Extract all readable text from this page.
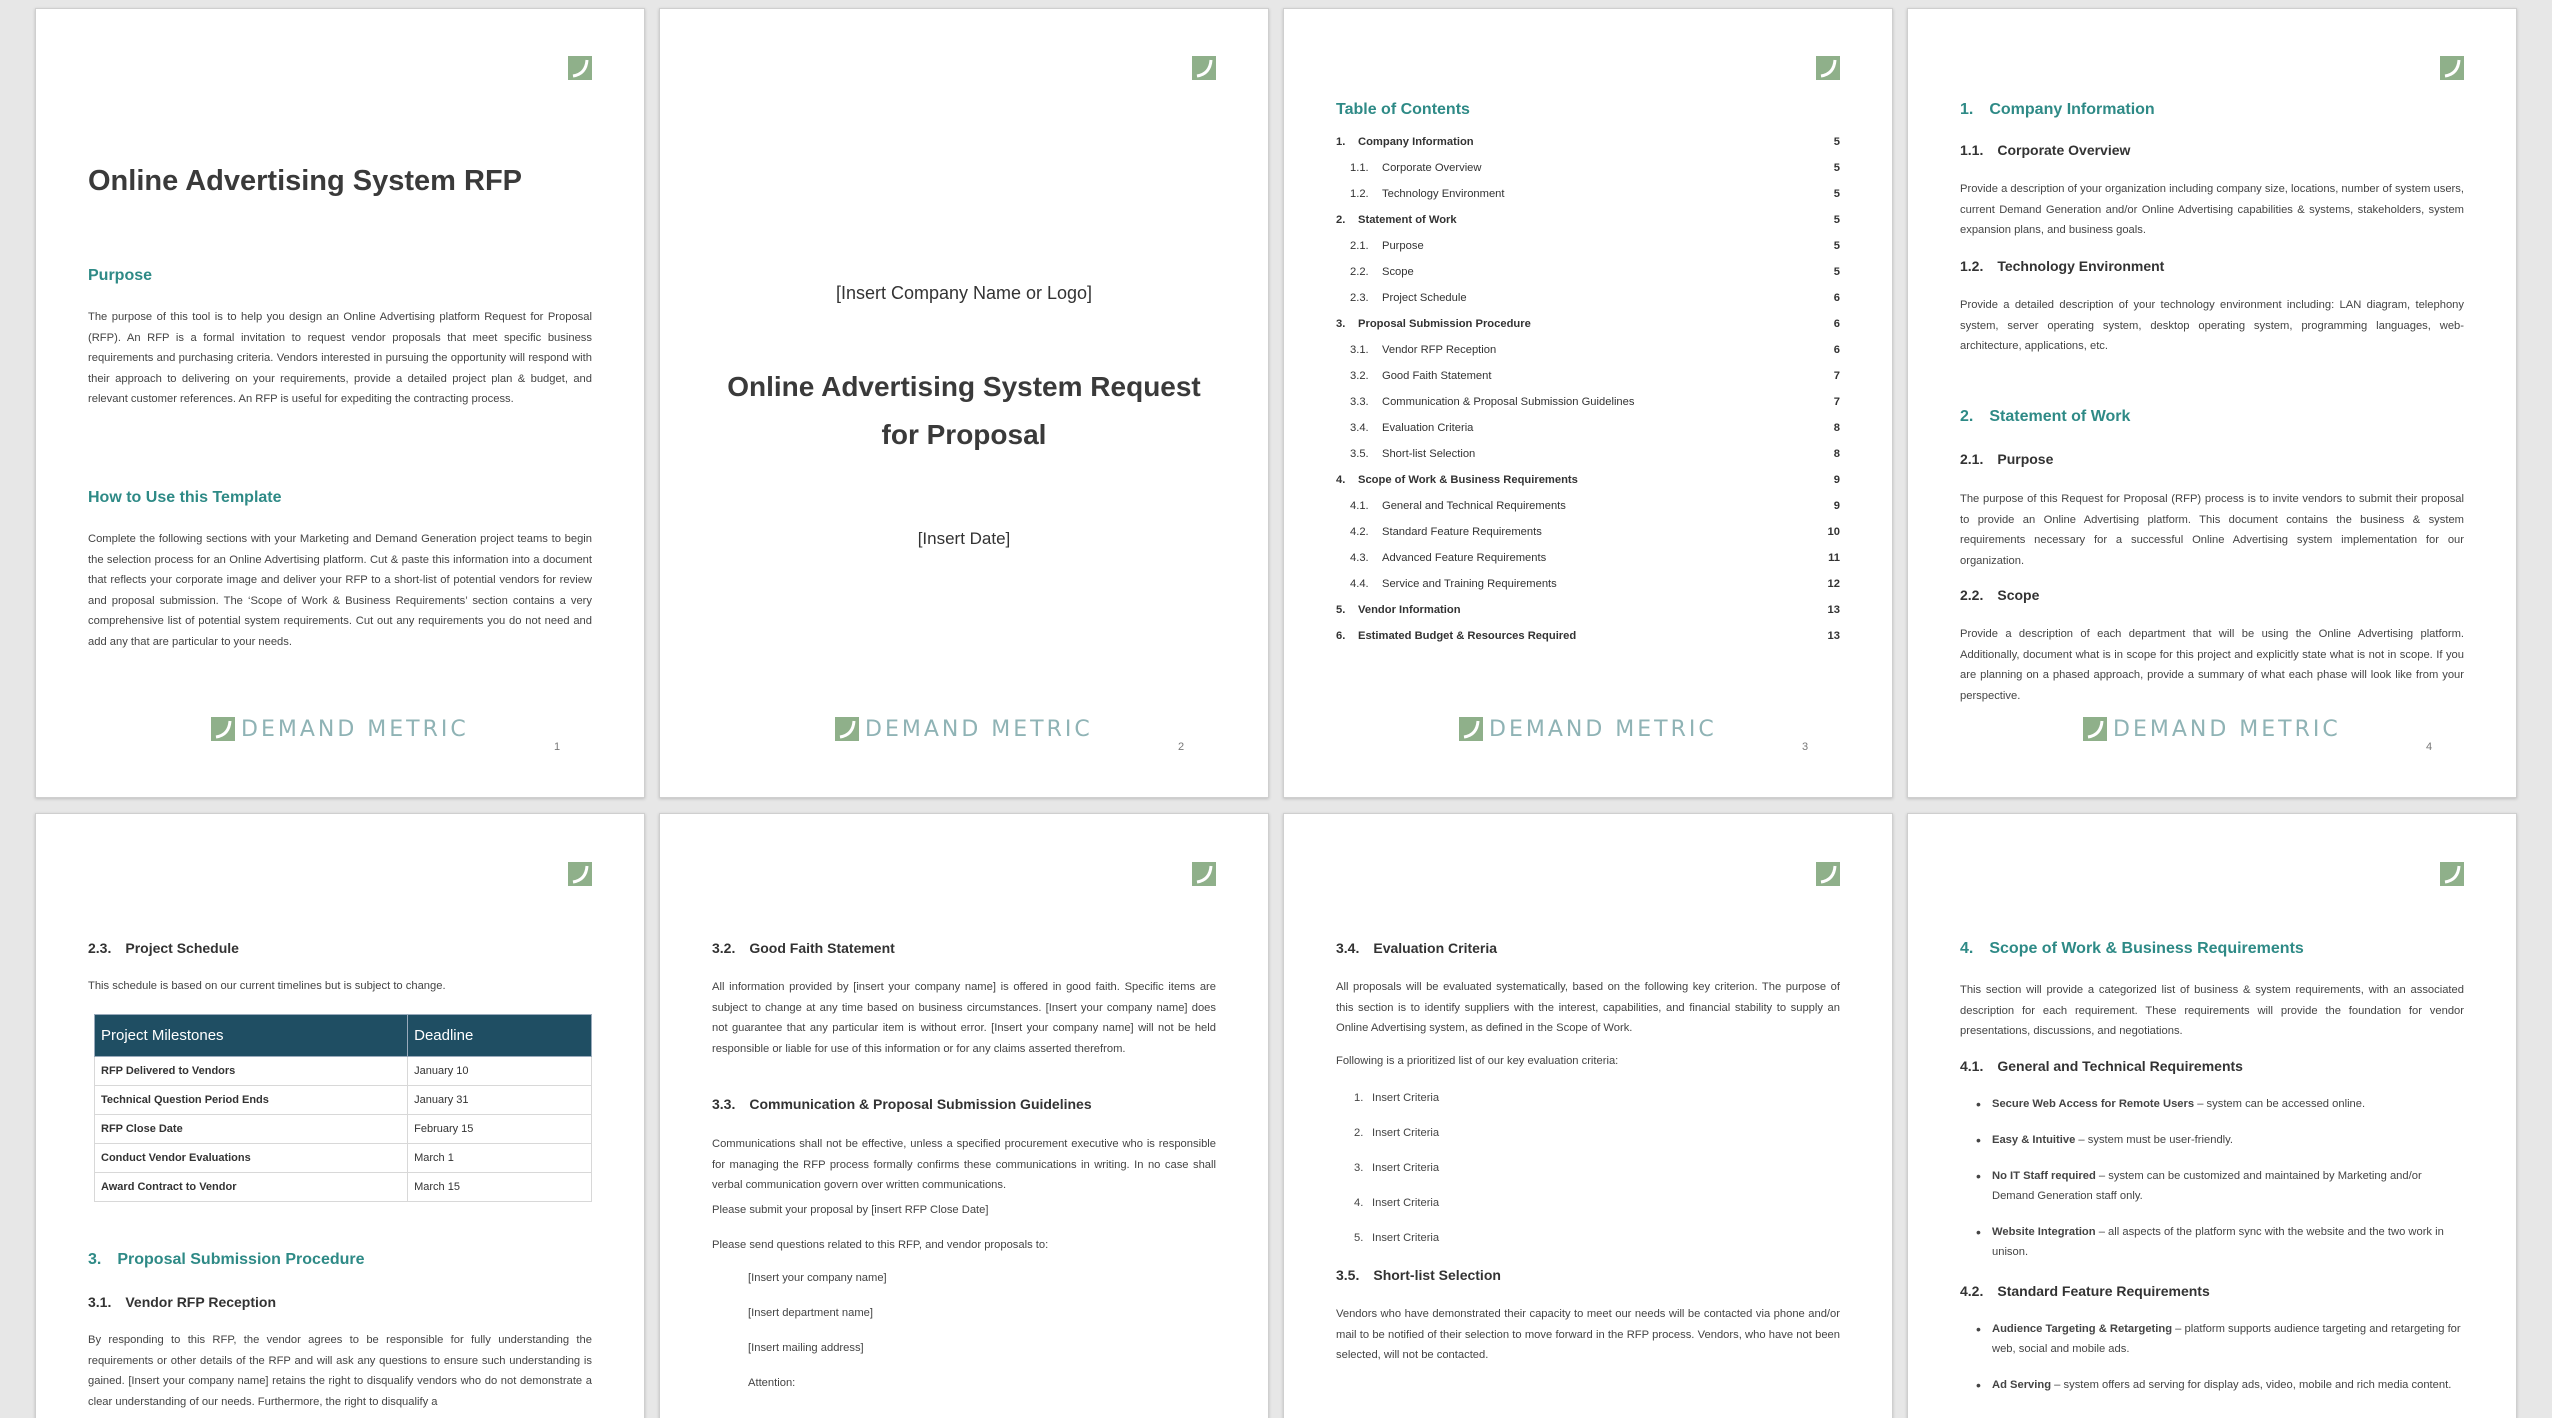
Online Advertising System RFP
Purpose
The purpose of this tool is to help you design an Online Advertising platform Request for Proposal (RFP). An RFP is a formal invitation to request vendor proposals that meet specific business requirements and purchasing criteria. Vendors interested in pursuing the opportunity will respond with their approach to delivering on your requirements, provide a detailed project plan & budget, and relevant customer references. An RFP is useful for expediting the contracting process.
How to Use this Template
Complete the following sections with your Marketing and Demand Generation project teams to begin the selection process for an Online Advertising platform. Cut & paste this information into a document that reflects your corporate image and deliver your RFP to a short-list of potential vendors for review and proposal submission. The ‘Scope of Work & Business Requirements’ section contains a very comprehensive list of potential system requirements. Cut out any requirements you do not need and add any that are particular to your needs.
DEMAND METRIC
1
[Insert Company Name or Logo]
Online Advertising System Request
for Proposal
[Insert Date]
DEMAND METRIC
2
Table of Contents
1. Company Information	5
1.1. Corporate Overview	5
1.2. Technology Environment	5
2. Statement of Work	5
2.1. Purpose	5
2.2. Scope	5
2.3. Project Schedule	6
3. Proposal Submission Procedure	6
3.1. Vendor RFP Reception	6
3.2. Good Faith Statement	7
3.3. Communication & Proposal Submission Guidelines	7
3.4. Evaluation Criteria	8
3.5. Short-list Selection	8
4. Scope of Work & Business Requirements	9
4.1. General and Technical Requirements	9
4.2. Standard Feature Requirements	10
4.3. Advanced Feature Requirements	11
4.4. Service and Training Requirements	12
5. Vendor Information	13
6. Estimated Budget & Resources Required	13
DEMAND METRIC
3
1. Company Information
1.1. Corporate Overview
Provide a description of your organization including company size, locations, number of system users, current Demand Generation and/or Online Advertising capabilities & systems, stakeholders, system expansion plans, and business goals.
1.2. Technology Environment
Provide a detailed description of your technology environment including: LAN diagram, telephony system, server operating system, desktop operating system, programming languages, web-architecture, applications, etc.
2. Statement of Work
2.1. Purpose
The purpose of this Request for Proposal (RFP) process is to invite vendors to submit their proposal to provide an Online Advertising platform. This document contains the business & system requirements necessary for a successful Online Advertising system implementation for our organization.
2.2. Scope
Provide a description of each department that will be using the Online Advertising platform. Additionally, document what is in scope for this project and explicitly state what is not in scope. If you are planning on a phased approach, provide a summary of what each phase will look like from your perspective.
DEMAND METRIC
4
2.3. Project Schedule
This schedule is based on our current timelines but is subject to change.
Project Milestones	Deadline
RFP Delivered to Vendors	January 10
Technical Question Period Ends	January 31
RFP Close Date	February 15
Conduct Vendor Evaluations	March 1
Award Contract to Vendor	March 15
3. Proposal Submission Procedure
3.1. Vendor RFP Reception
By responding to this RFP, the vendor agrees to be responsible for fully understanding the requirements or other details of the RFP and will ask any questions to ensure such understanding is gained. [Insert your company name] retains the right to disqualify vendors who do not demonstrate a clear understanding of our needs. Furthermore, the right to disqualify a
3.2. Good Faith Statement
All information provided by [insert your company name] is offered in good faith. Specific items are subject to change at any time based on business circumstances. [Insert your company name] does not guarantee that any particular item is without error. [Insert your company name] will not be held responsible or liable for use of this information or for any claims asserted therefrom.
3.3. Communication & Proposal Submission Guidelines
Communications shall not be effective, unless a specified procurement executive who is responsible for managing the RFP process formally confirms these communications in writing. In no case shall verbal communication govern over written communications.
Please submit your proposal by [insert RFP Close Date]
Please send questions related to this RFP, and vendor proposals to:
[Insert your company name]
[Insert department name]
[Insert mailing address]
Attention:
3.4. Evaluation Criteria
All proposals will be evaluated systematically, based on the following key criterion. The purpose of this section is to identify suppliers with the interest, capabilities, and financial stability to supply an Online Advertising system, as defined in the Scope of Work.
Following is a prioritized list of our key evaluation criteria:
1. Insert Criteria
2. Insert Criteria
3. Insert Criteria
4. Insert Criteria
5. Insert Criteria
3.5. Short-list Selection
Vendors who have demonstrated their capacity to meet our needs will be contacted via phone and/or mail to be notified of their selection to move forward in the RFP process. Vendors, who have not been selected, will not be contacted.
4. Scope of Work & Business Requirements
This section will provide a categorized list of business & system requirements, with an associated description for each requirement. These requirements will provide the foundation for vendor presentations, discussions, and negotiations.
4.1. General and Technical Requirements
• Secure Web Access for Remote Users – system can be accessed online.
• Easy & Intuitive – system must be user-friendly.
• No IT Staff required – system can be customized and maintained by Marketing and/or Demand Generation staff only.
• Website Integration – all aspects of the platform sync with the website and the two work in unison.
4.2. Standard Feature Requirements
• Audience Targeting & Retargeting – platform supports audience targeting and retargeting for web, social and mobile ads.
• Ad Serving – system offers ad serving for display ads, video, mobile and rich media content.
